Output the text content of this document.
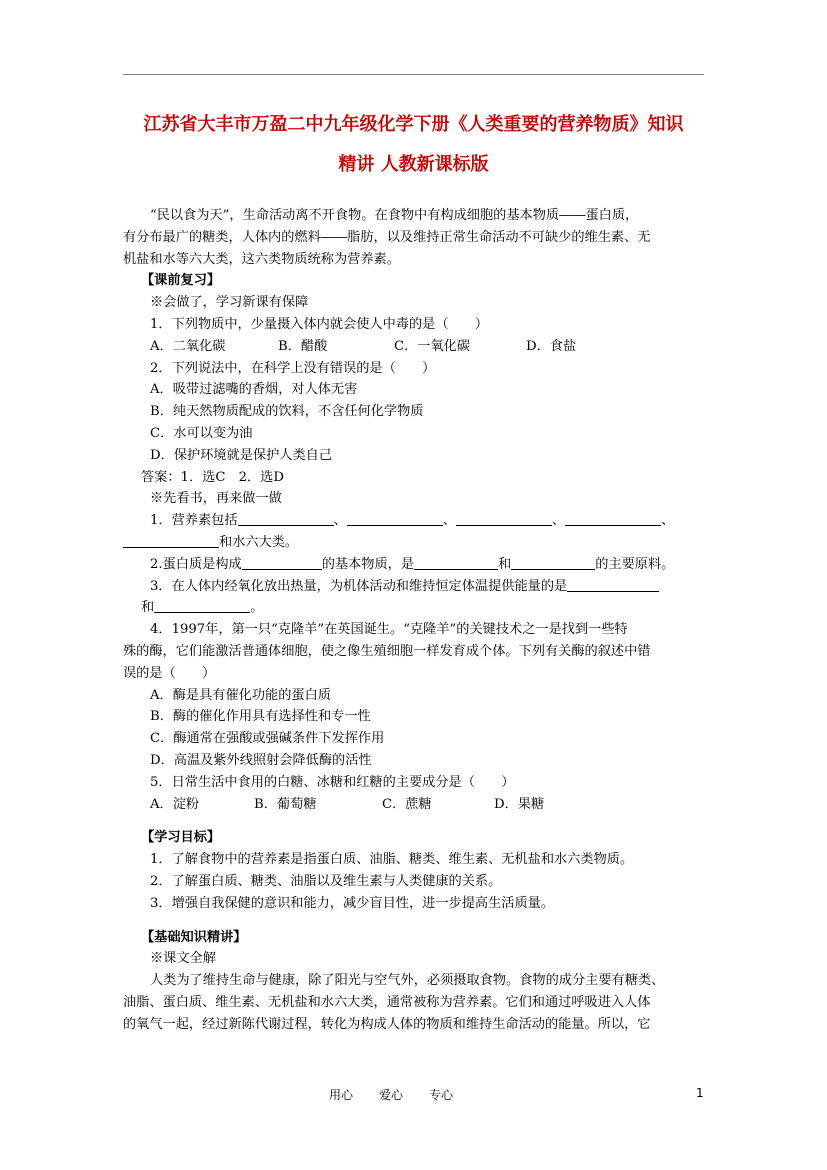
江苏省大丰市万盈二中九年级化学下册《人类重要的营养物质》知识
精讲 人教新课标版
“民以食为天”，生命活动离不开食物。在食物中有构成细胞的基本物质――蛋白质，
有分布最广的糖类，人体内的燃料――脂肪，以及维持正常生命活动不可缺少的维生素、无
机盐和水等六大类，这六类物质统称为营养素。
【课前复习】
※会做了，学习新课有保障
1．下列物质中，少量摄入体内就会使人中毒的是（　　）
A．二氧化碳	B．醋酸	C．一氧化碳	D．食盐
2．下列说法中，在科学上没有错误的是（　　）
A．吸带过滤嘴的香烟，对人体无害
B．纯天然物质配成的饮料，不含任何化学物质
C．水可以变为油
D．保护环境就是保护人类自己
答案：1．选C　2．选D
※先看书，再来做一做
1．营养素包括	、	、	、	、
和水六大类。
2.蛋白质是构成	的基本物质，是	和	的主要原料。
3．在人体内经氧化放出热量，为机体活动和维持恒定体温提供能量的是
和	。
4．1997年，第一只“克隆羊”在英国诞生。“克隆羊”的关键技术之一是找到一些特
殊的酶，它们能激活普通体细胞，使之像生殖细胞一样发育成个体。下列有关酶的叙述中错
误的是（　　）
A．酶是具有催化功能的蛋白质
B．酶的催化作用具有选择性和专一性
C．酶通常在强酸或强碱条件下发挥作用
D．高温及紫外线照射会降低酶的活性
5．日常生活中食用的白糖、冰糖和红糖的主要成分是（　　）
A．淀粉	B．葡萄糖	C．蔗糖	D．果糖
【学习目标】
1．了解食物中的营养素是指蛋白质、油脂、糖类、维生素、无机盐和水六类物质。
2．了解蛋白质、糖类、油脂以及维生素与人类健康的关系。
3．增强自我保健的意识和能力，减少盲目性，进一步提高生活质量。
【基础知识精讲】
※课文全解
人类为了维持生命与健康，除了阳光与空气外，必须摄取食物。食物的成分主要有糖类、
油脂、蛋白质、维生素、无机盐和水六大类，通常被称为营养素。它们和通过呼吸进入人体
的氧气一起，经过新陈代谢过程，转化为构成人体的物质和维持生命活动的能量。所以，它
用心 爱心 专心	1
